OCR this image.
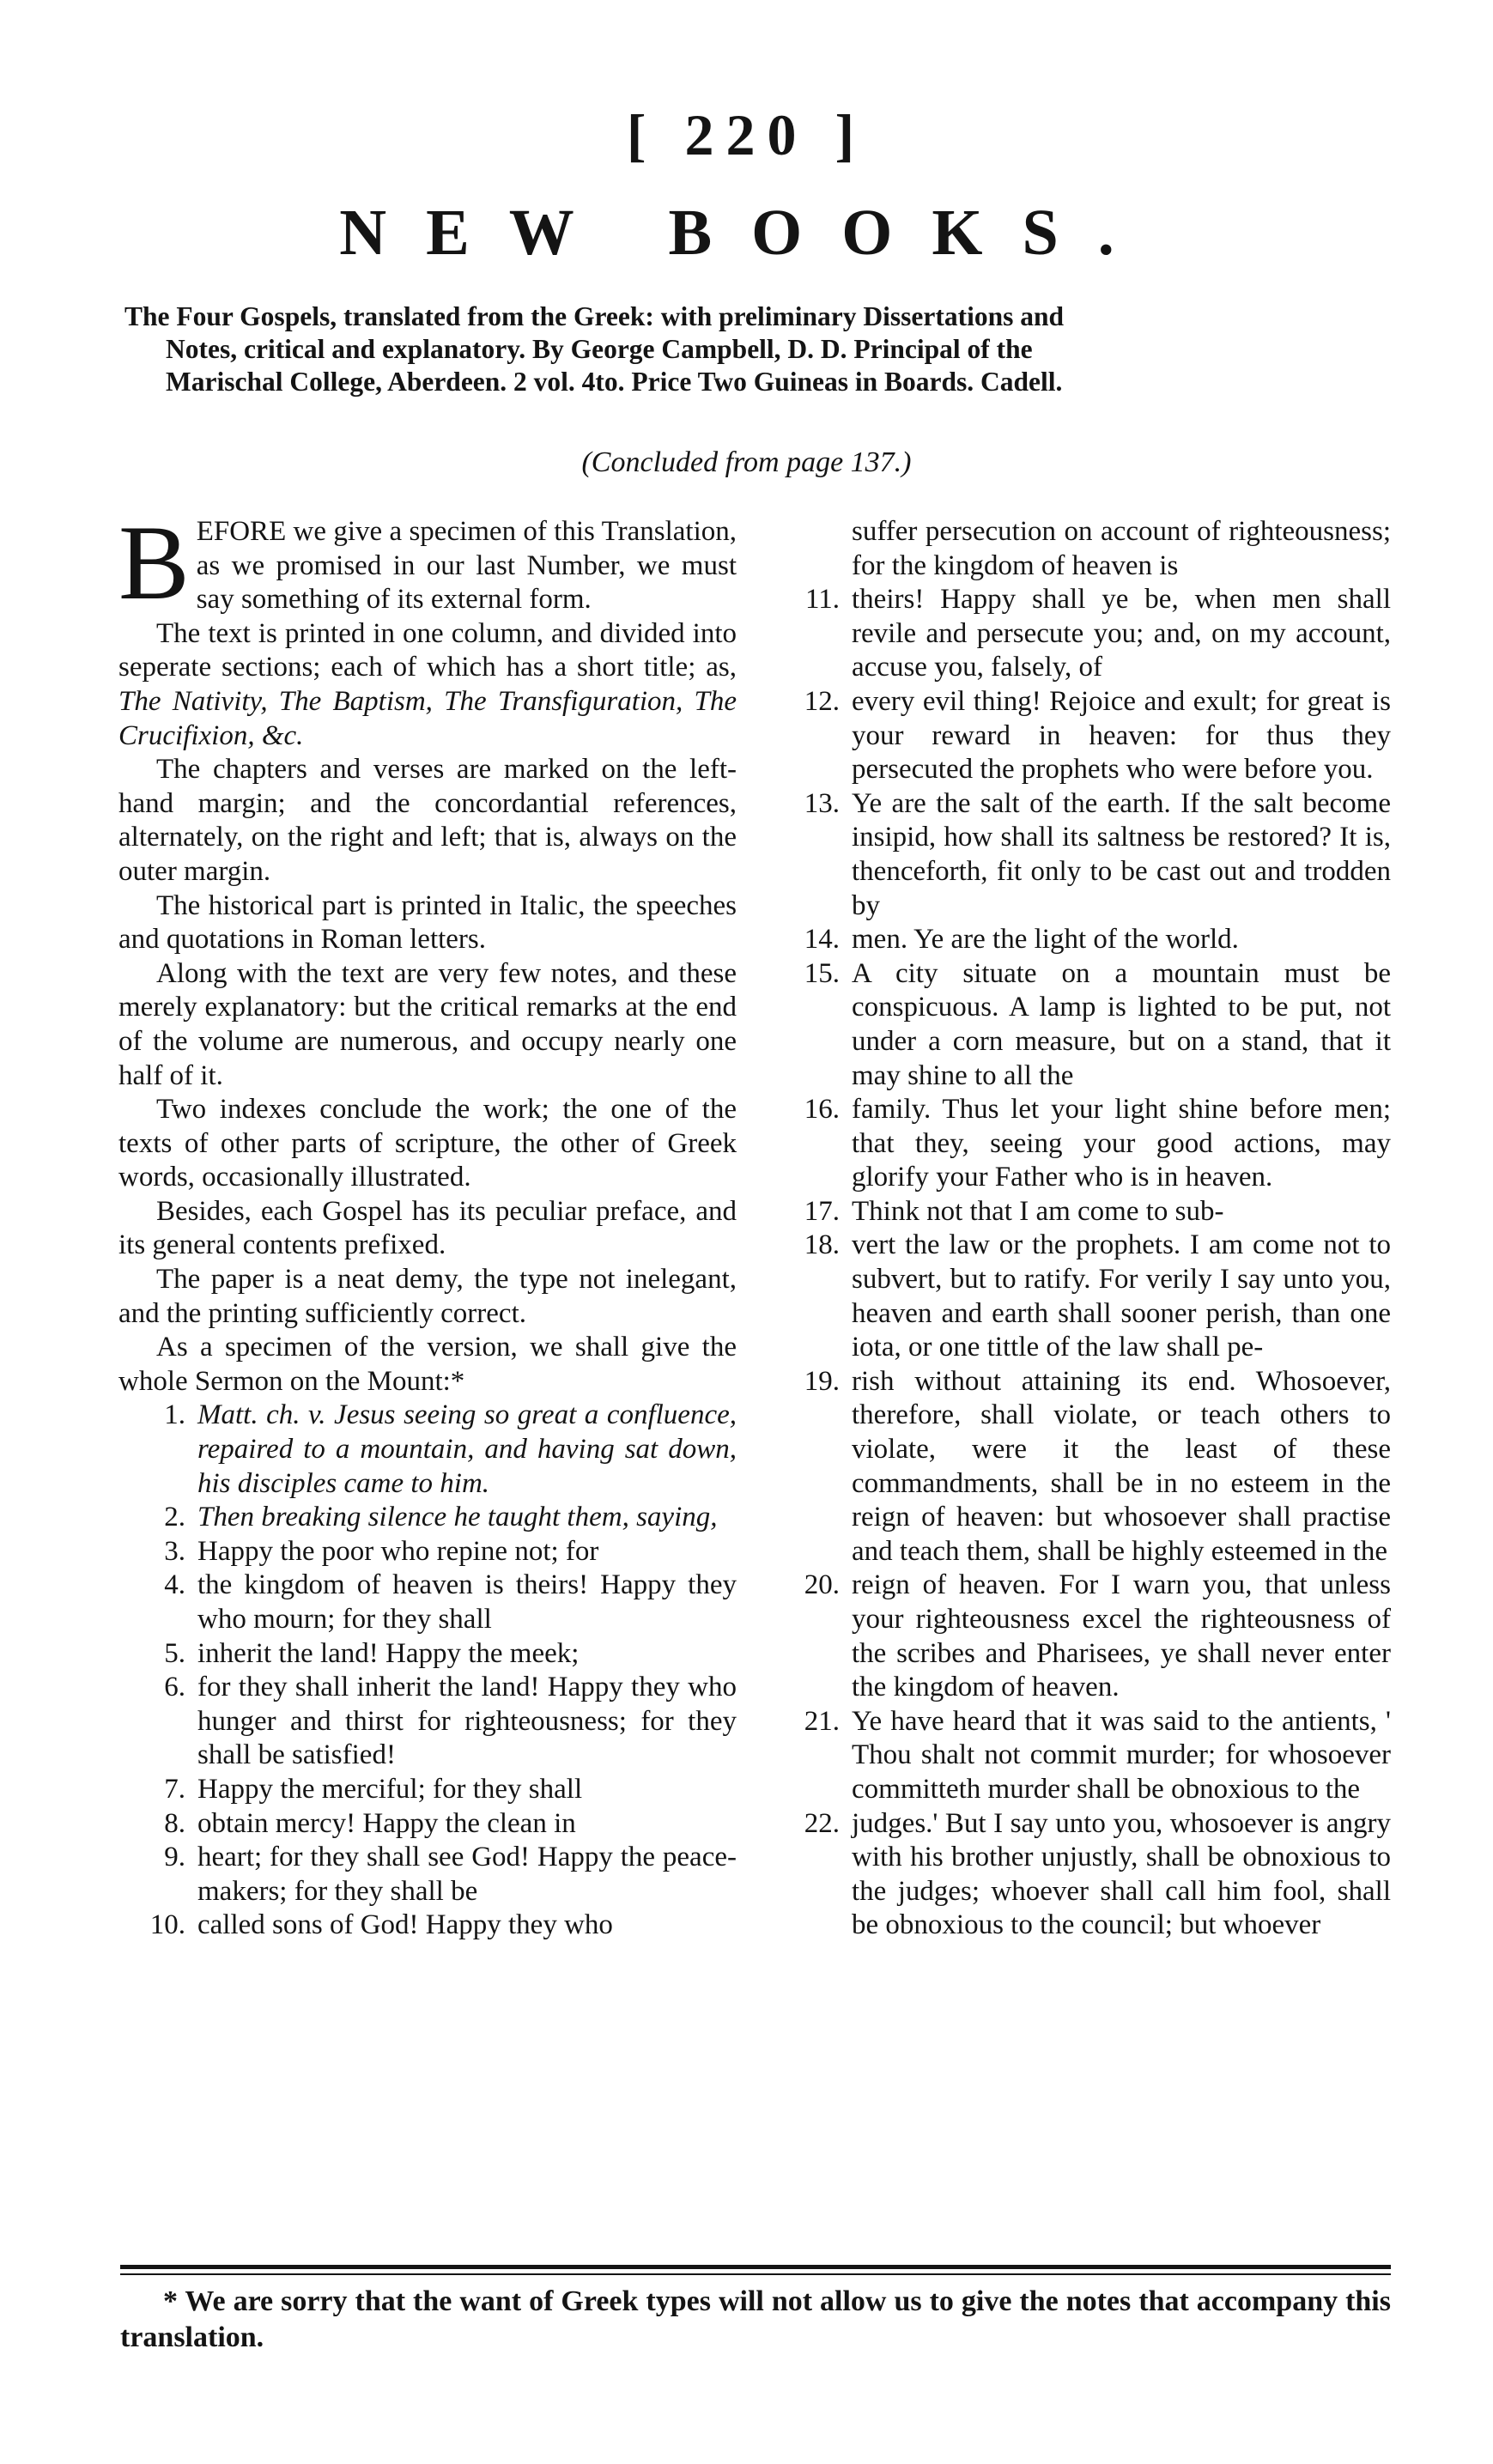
[ 220 ]
NEW BOOKS.
The Four Gospels, translated from the Greek: with preliminary Dissertations and
Notes, critical and explanatory. By George Campbell, D. D. Principal of the
Marischal College, Aberdeen. 2 vol. 4to. Price Two Guineas in Boards. Cadell.
(Concluded from page 137.)

BEFORE we give a specimen of this Translation, as we promised in our last Number, we must say something of its external form.

The text is printed in one column, and divided into seperate sections; each of which has a short title; as, The Nativity, The Baptism, The Transfiguration, The Crucifixion, &c.

The chapters and verses are marked on the left-hand margin; and the concordantial references, alternately, on the right and left; that is, always on the outer margin.

The historical part is printed in Italic, the speeches and quotations in Roman letters.

Along with the text are very few notes, and these merely explanatory: but the critical remarks at the end of the volume are numerous, and occupy nearly one half of it.

Two indexes conclude the work; the one of the texts of other parts of scripture, the other of Greek words, occasionally illustrated.

Besides, each Gospel has its peculiar preface, and its general contents prefixed.

The paper is a neat demy, the type not inelegant, and the printing sufficiently correct.

As a specimen of the version, we shall give the whole Sermon on the Mount:*

1. Matt. ch. v. Jesus seeing so great a confluence, repaired to a mountain, and having sat down, his disciples came to him.
2. Then breaking silence he taught them, saying,
3. Happy the poor who repine not; for
4. the kingdom of heaven is theirs! Happy they who mourn; for they shall
5. inherit the land! Happy the meek;
6. for they shall inherit the land! Happy they who hunger and thirst for righteousness; for they shall be satisfied!
7. Happy the merciful; for they shall
8. obtain mercy! Happy the clean in
9. heart; for they shall see God! Happy the peace-makers; for they shall be
10. called sons of God! Happy they who
suffer persecution on account of righteousness; for the kingdom of heaven is
11. theirs! Happy shall ye be, when men shall revile and persecute you; and, on my account, accuse you, falsely, of
12. every evil thing! Rejoice and exult; for great is your reward in heaven: for thus they persecuted the prophets who were before you.
13. Ye are the salt of the earth. If the salt become insipid, how shall its saltness be restored? It is, thenceforth, fit only to be cast out and trodden by
14. men. Ye are the light of the world.
15. A city situate on a mountain must be conspicuous. A lamp is lighted to be put, not under a corn measure, but on a stand, that it may shine to all the
16. family. Thus let your light shine before men; that they, seeing your good actions, may glorify your Father who is in heaven.
17. Think not that I am come to sub-
18. vert the law or the prophets. I am come not to subvert, but to ratify. For verily I say unto you, heaven and earth shall sooner perish, than one iota, or one tittle of the law shall pe-
19. rish without attaining its end. Whosoever, therefore, shall violate, or teach others to violate, were it the least of these commandments, shall be in no esteem in the reign of heaven: but whosoever shall practise and teach them, shall be highly esteemed in the
20. reign of heaven. For I warn you, that unless your righteousness excel the righteousness of the scribes and Pharisees, ye shall never enter the kingdom of heaven.
21. Ye have heard that it was said to the antients, ' Thou shalt not commit murder; for whosoever committeth murder shall be obnoxious to the
22. judges.' But I say unto you, whosoever is angry with his brother unjustly, shall be obnoxious to the judges; whoever shall call him fool, shall be obnoxious to the council; but whoever
* We are sorry that the want of Greek types will not allow us to give the notes that accompany this translation.
